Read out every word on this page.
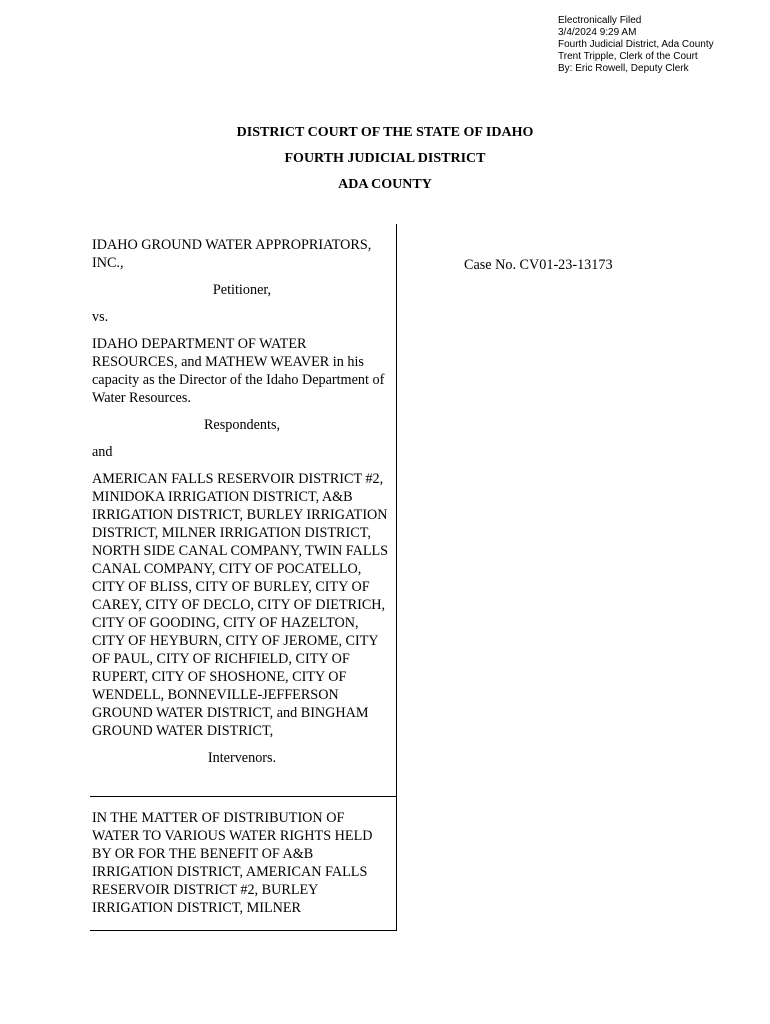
Electronically Filed
3/4/2024 9:29 AM
Fourth Judicial District, Ada County
Trent Tripple, Clerk of the Court
By: Eric Rowell, Deputy Clerk
DISTRICT COURT OF THE STATE OF IDAHO
FOURTH JUDICIAL DISTRICT
ADA COUNTY

IDAHO GROUND WATER APPROPRIATORS, INC.,

Petitioner,

vs.

IDAHO DEPARTMENT OF WATER RESOURCES, and MATHEW WEAVER in his capacity as the Director of the Idaho Department of Water Resources.

Respondents,

and

AMERICAN FALLS RESERVOIR DISTRICT #2, MINIDOKA IRRIGATION DISTRICT, A&B IRRIGATION DISTRICT, BURLEY IRRIGATION DISTRICT, MILNER IRRIGATION DISTRICT, NORTH SIDE CANAL COMPANY, TWIN FALLS CANAL COMPANY, CITY OF POCATELLO, CITY OF BLISS, CITY OF BURLEY, CITY OF CAREY, CITY OF DECLO, CITY OF DIETRICH, CITY OF GOODING, CITY OF HAZELTON, CITY OF HEYBURN, CITY OF JEROME, CITY OF PAUL, CITY OF RICHFIELD, CITY OF RUPERT, CITY OF SHOSHONE, CITY OF WENDELL, BONNEVILLE-JEFFERSON GROUND WATER DISTRICT, and BINGHAM GROUND WATER DISTRICT,

Intervenors.

Case No. CV01-23-13173
IN THE MATTER OF DISTRIBUTION OF WATER TO VARIOUS WATER RIGHTS HELD BY OR FOR THE BENEFIT OF A&B IRRIGATION DISTRICT, AMERICAN FALLS RESERVOIR DISTRICT #2, BURLEY IRRIGATION DISTRICT, MILNER
